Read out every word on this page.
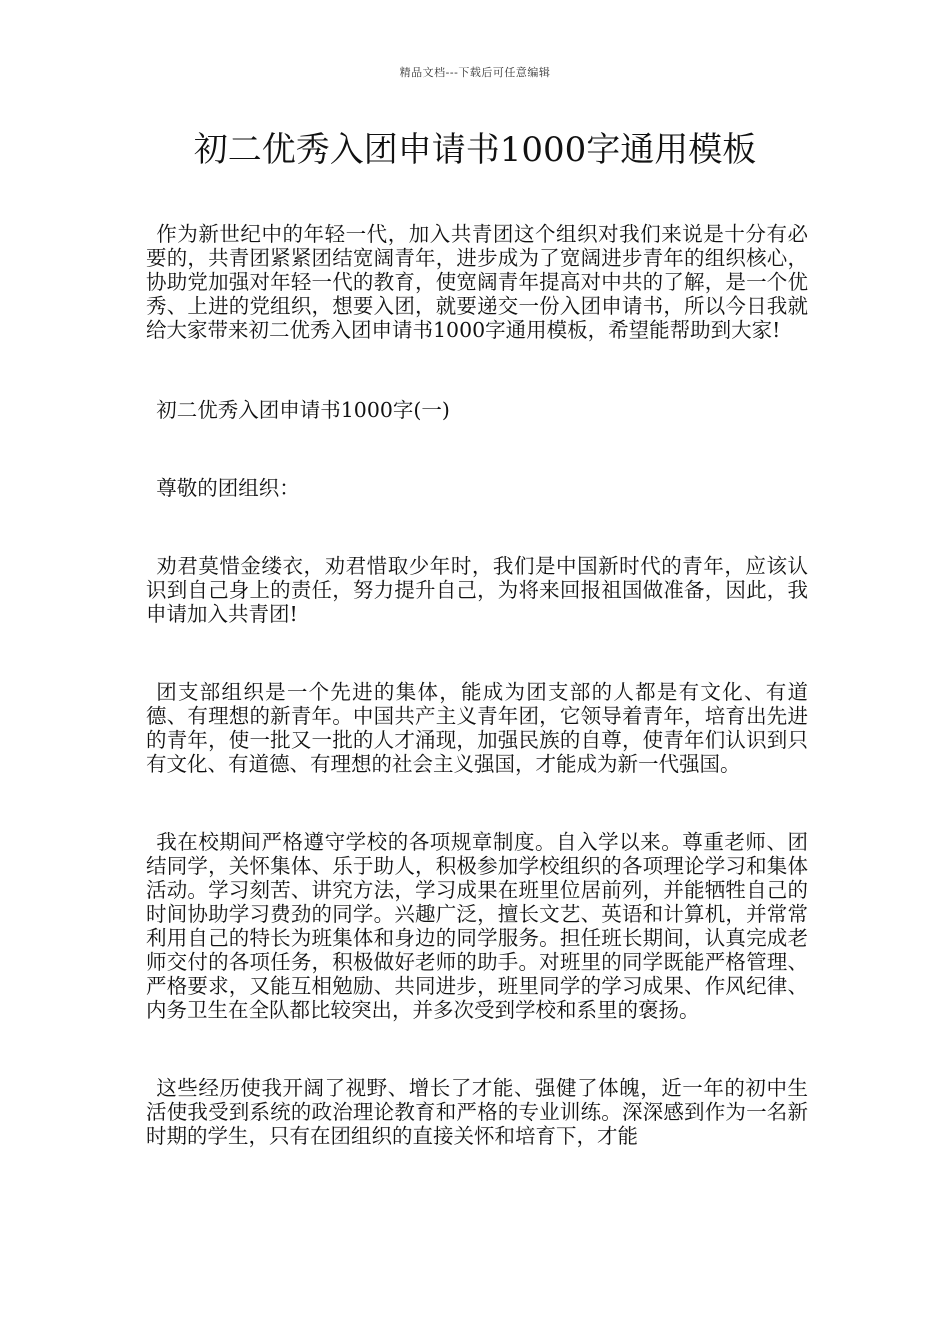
精品文档---下载后可任意编辑
初二优秀入团申请书1000字通用模板

作为新世纪中的年轻一代，加入共青团这个组织对我们来说是十分有必要的，共青团紧紧团结宽阔青年，进步成为了宽阔进步青年的组织核心，协助党加强对年轻一代的教育，使宽阔青年提高对中共的了解，是一个优秀、上进的党组织，想要入团，就要递交一份入团申请书，所以今日我就给大家带来初二优秀入团申请书1000字通用模板，希望能帮助到大家!

初二优秀入团申请书1000字(一)

尊敬的团组织：

劝君莫惜金缕衣，劝君惜取少年时，我们是中国新时代的青年，应该认识到自己身上的责任，努力提升自己，为将来回报祖国做准备，因此，我申请加入共青团!

团支部组织是一个先进的集体，能成为团支部的人都是有文化、有道德、有理想的新青年。中国共产主义青年团，它领导着青年，培育出先进的青年，使一批又一批的人才涌现，加强民族的自尊，使青年们认识到只有文化、有道德、有理想的社会主义强国，才能成为新一代强国。

我在校期间严格遵守学校的各项规章制度。自入学以来。尊重老师、团结同学，关怀集体、乐于助人，积极参加学校组织的各项理论学习和集体活动。学习刻苦、讲究方法，学习成果在班里位居前列，并能牺牲自己的时间协助学习费劲的同学。兴趣广泛，擅长文艺、英语和计算机，并常常利用自己的特长为班集体和身边的同学服务。担任班长期间，认真完成老师交付的各项任务，积极做好老师的助手。对班里的同学既能严格管理、严格要求，又能互相勉励、共同进步，班里同学的学习成果、作风纪律、内务卫生在全队都比较突出，并多次受到学校和系里的褒扬。

这些经历使我开阔了视野、增长了才能、强健了体魄，近一年的初中生活使我受到系统的政治理论教育和严格的专业训练。深深感到作为一名新时期的学生，只有在团组织的直接关怀和培育下，才能
